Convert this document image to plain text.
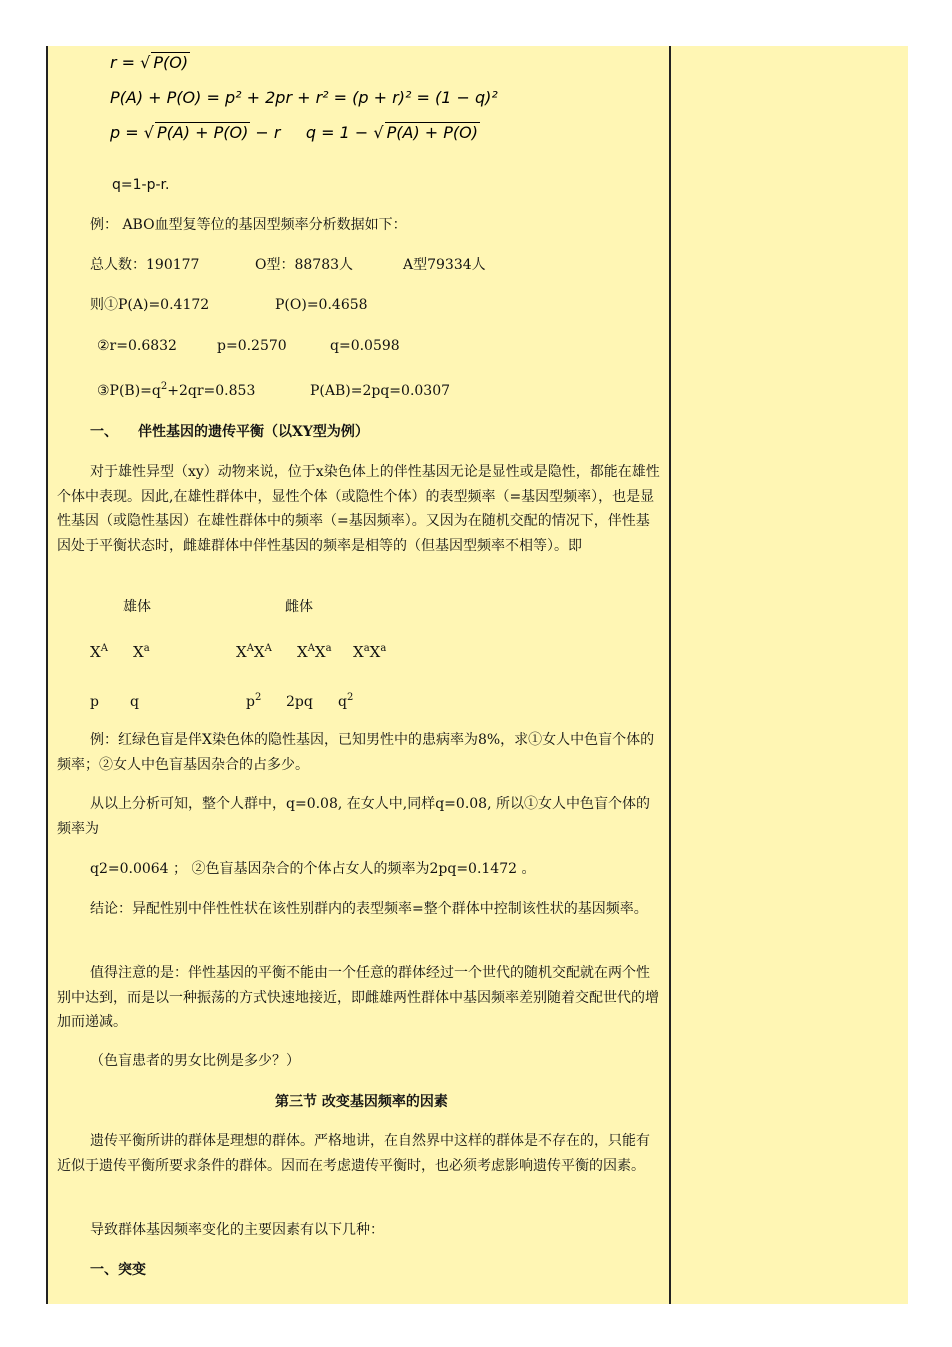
r = √ P(O)
P(A) + P(O) = p² + 2pr + r² = (p + r)² = (1 − q)²
p = √ P(A) + P(O) − r     q = 1 − √ P(A) + P(O)
q=1-p-r.
例： ABO血型复等位的基因型频率分析数据如下：
总人数：190177	O型：88783人	A型79334人
则①P(A)=0.4172	P(O)=0.4658
②r=0.6832	p=0.2570	q=0.0598
$③P(B)=q^2+2qr=0.853$	P(AB)=2pq=0.0307
一、 伴性基因的遗传平衡（以XY型为例）
对于雄性异型（xy）动物来说，位于x染色体上的伴性基因无论是显性或是隐性，都能在雄性个体中表现。因此,在雄性群体中，显性个体（或隐性个体）的表型频率（=基因型频率），也是显性基因（或隐性基因）在雄性群体中的频率（=基因频率）。又因为在随机交配的情况下，伴性基因处于平衡状态时，雌雄群体中伴性基因的频率是相等的（但基因型频率不相等）。即
雄体	雌体
$X^A$ $X^a$	$X^AX^A$ $X^AX^a$ $X^aX^a$
p q	$p^2$ 2pq $q^2$
例：红绿色盲是伴X染色体的隐性基因，已知男性中的患病率为8%，求①女人中色盲个体的频率；②女人中色盲基因杂合的占多少。
从以上分析可知，整个人群中，q=0.08, 在女人中,同样q=0.08, 所以①女人中色盲个体的频率为
q2=0.0064 ； ②色盲基因杂合的个体占女人的频率为2pq=0.1472 。
结论：异配性别中伴性性状在该性别群内的表型频率=整个群体中控制该性状的基因频率。
值得注意的是：伴性基因的平衡不能由一个任意的群体经过一个世代的随机交配就在两个性别中达到，而是以一种振荡的方式快速地接近，即雌雄两性群体中基因频率差别随着交配世代的增加而递减。
（色盲患者的男女比例是多少？）
第三节 改变基因频率的因素
遗传平衡所讲的群体是理想的群体。严格地讲，在自然界中这样的群体是不存在的，只能有近似于遗传平衡所要求条件的群体。因而在考虑遗传平衡时，也必须考虑影响遗传平衡的因素。
导致群体基因频率变化的主要因素有以下几种：
一、突变
